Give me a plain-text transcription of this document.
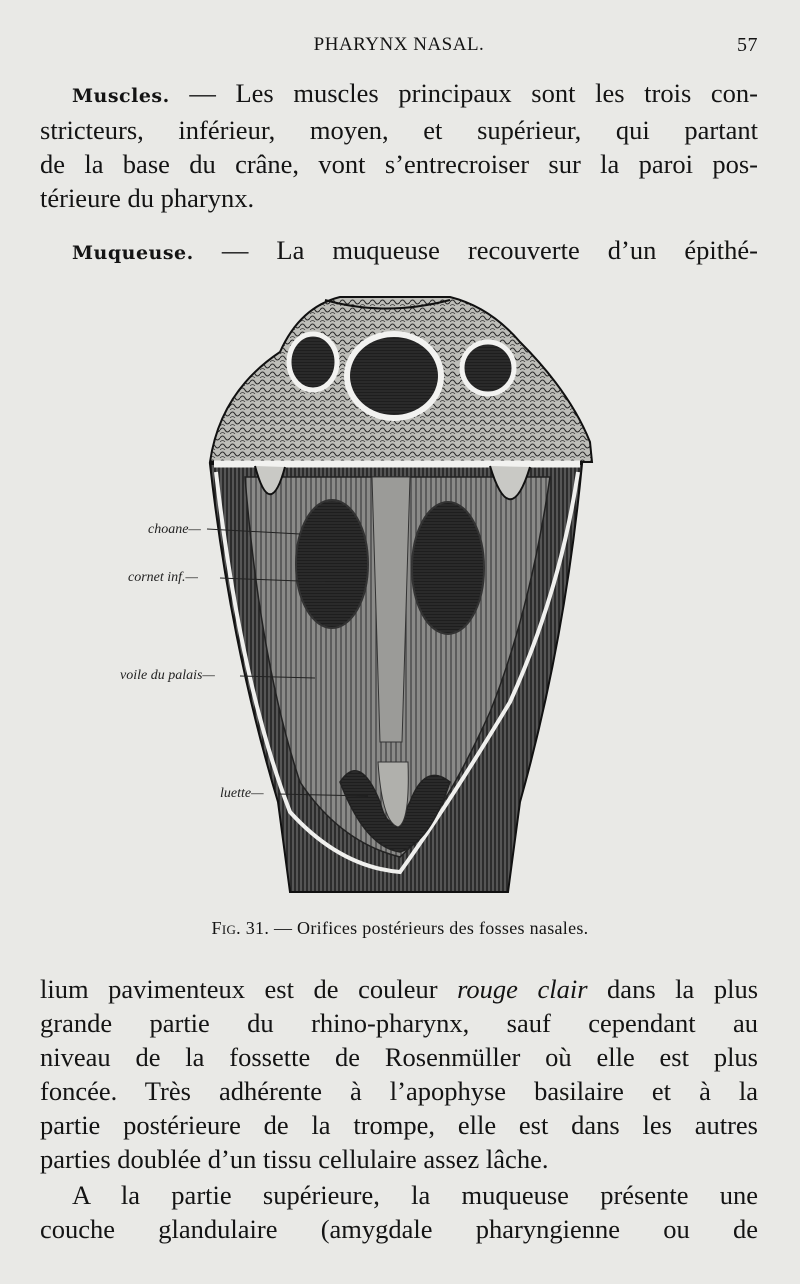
PHARYNX NASAL.	57
Muscles. — Les muscles principaux sont les trois con-
stricteurs, inférieur, moyen, et supérieur, qui partant
de la base du crâne, vont s’entrecroiser sur la paroi pos-
térieure du pharynx.
Muqueuse. — La muqueuse recouverte d’un épithé-
choane—
cornet inf.—
voile du palais—
luette—
Fig. 31. — Orifices postérieurs des fosses nasales.
lium pavimenteux est de couleur rouge clair dans la plus
grande partie du rhino-pharynx, sauf cependant au
niveau de la fossette de Rosenmüller où elle est plus
foncée. Très adhérente à l’apophyse basilaire et à la
partie postérieure de la trompe, elle est dans les autres
parties doublée d’un tissu cellulaire assez lâche.
A la partie supérieure, la muqueuse présente une
couche glandulaire (amygdale pharyngienne ou de
